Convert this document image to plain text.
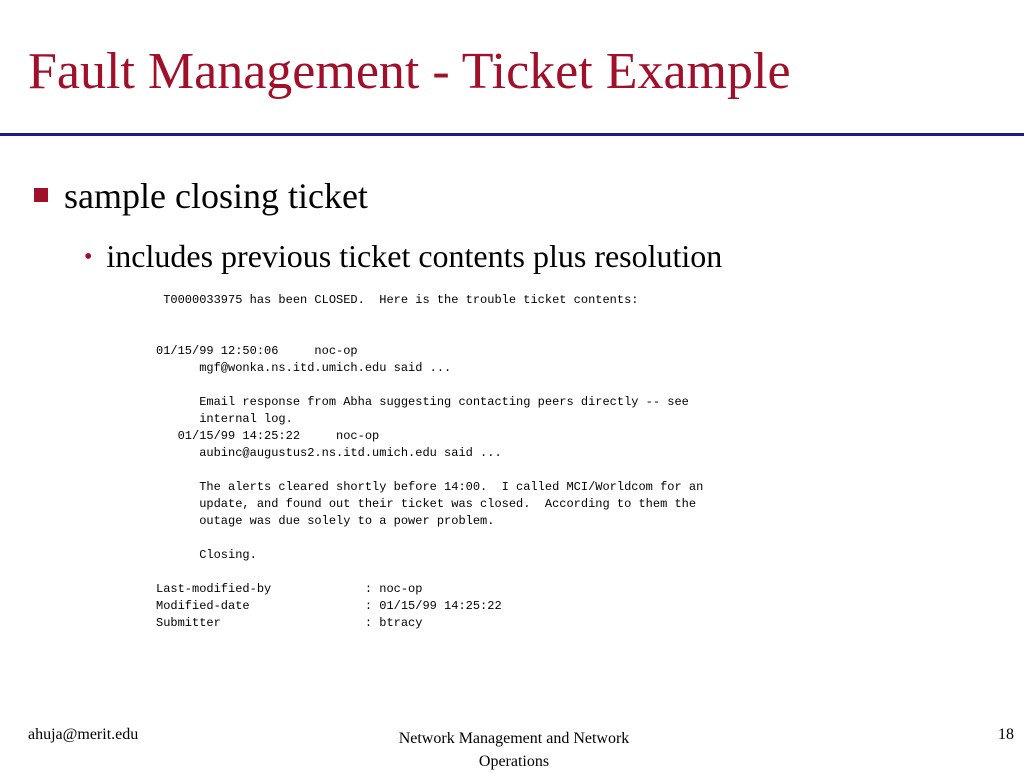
Fault Management - Ticket Example
sample closing ticket
• includes previous ticket contents plus resolution
T0000033975 has been CLOSED.  Here is the trouble ticket contents:
01/15/99 12:50:06     noc-op
mgf@wonka.ns.itd.umich.edu said ...
Email response from Abha suggesting contacting peers directly -- see
internal log.
01/15/99 14:25:22     noc-op
aubinc@augustus2.ns.itd.umich.edu said ...
The alerts cleared shortly before 14:00.  I called MCI/Worldcom for an
update, and found out their ticket was closed.  According to them the
outage was due solely to a power problem.
Closing.
Last-modified-by             : noc-op
Modified-date                : 01/15/99 14:25:22
Submitter                    : btracy
ahuja@merit.edu	Network Management and Network
Operations
18
